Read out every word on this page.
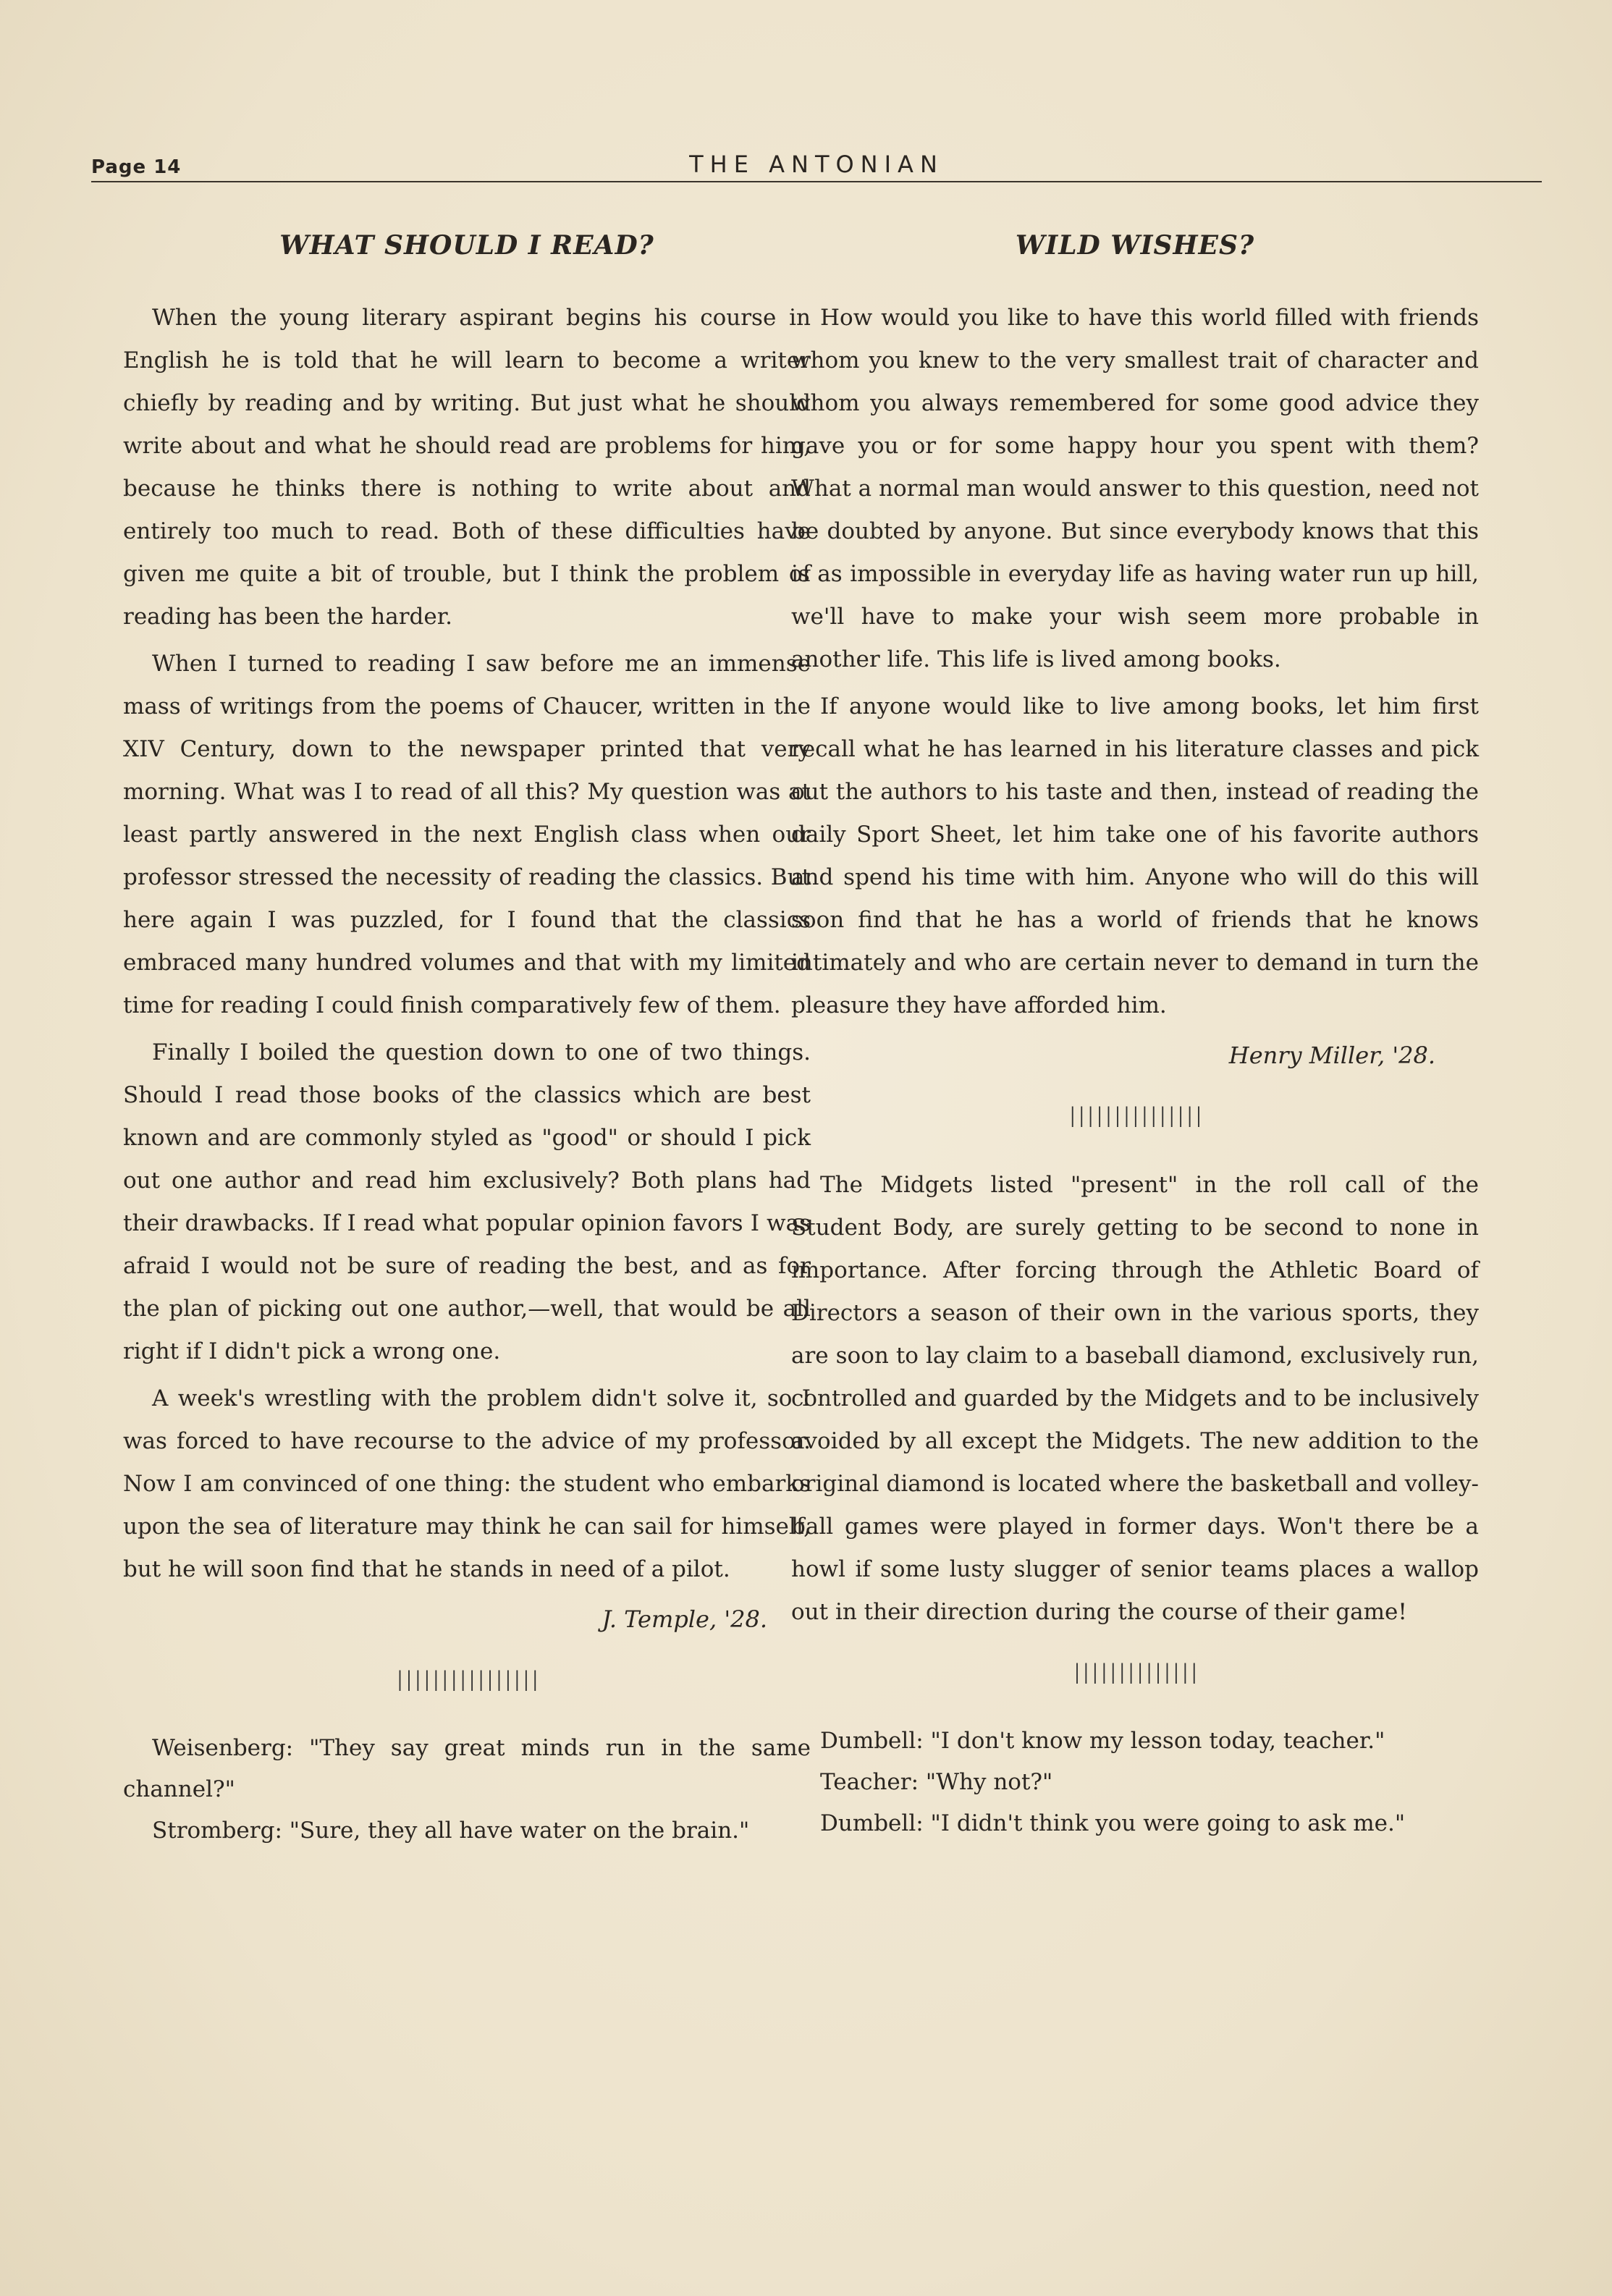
Page 14	THE ANTONIAN
WHAT SHOULD I READ?

When the young literary aspirant begins his course in English he is told that he will learn to become a writer chiefly by reading and by writing. But just what he should write about and what he should read are problems for him, because he thinks there is nothing to write about and entirely too much to read. Both of these difficulties have given me quite a bit of trouble, but I think the problem of reading has been the harder.

When I turned to reading I saw before me an immense mass of writings from the poems of Chaucer, written in the XIV Century, down to the newspaper printed that very morning. What was I to read of all this? My question was at least partly answered in the next English class when our professor stressed the necessity of reading the classics. But here again I was puzzled, for I found that the classics embraced many hundred volumes and that with my limited time for reading I could finish comparatively few of them.

Finally I boiled the question down to one of two things. Should I read those books of the classics which are best known and are commonly styled as "good" or should I pick out one author and read him exclusively? Both plans had their drawbacks. If I read what popular opinion favors I was afraid I would not be sure of reading the best, and as for the plan of picking out one author,—well, that would be all right if I didn't pick a wrong one.

A week's wrestling with the problem didn't solve it, so I was forced to have recourse to the advice of my professor. Now I am convinced of one thing: the student who embarks upon the sea of literature may think he can sail for himself, but he will soon find that he stands in need of a pilot.

J. Temple, '28.
││││││││││││││││

Weisenberg: "They say great minds run in the same channel?"

Stromberg: "Sure, they all have water on the brain."

WILD WISHES?

How would you like to have this world filled with friends whom you knew to the very smallest trait of character and whom you always remembered for some good advice they gave you or for some happy hour you spent with them? What a normal man would answer to this question, need not be doubted by anyone. But since everybody knows that this is as impossible in everyday life as having water run up hill, we'll have to make your wish seem more probable in another life. This life is lived among books.

If anyone would like to live among books, let him first recall what he has learned in his literature classes and pick out the authors to his taste and then, instead of reading the daily Sport Sheet, let him take one of his favorite authors and spend his time with him. Anyone who will do this will soon find that he has a world of friends that he knows intimately and who are certain never to demand in turn the pleasure they have afforded him.

Henry Miller, '28.
│││││││││││││││

The Midgets listed "present" in the roll call of the Student Body, are surely getting to be second to none in importance. After forcing through the Athletic Board of Directors a season of their own in the various sports, they are soon to lay claim to a baseball diamond, exclusively run, controlled and guarded by the Midgets and to be inclusively avoided by all except the Midgets. The new addition to the original diamond is located where the basketball and volley-ball games were played in former days. Won't there be a howl if some lusty slugger of senior teams places a wallop out in their direction during the course of their game!

││││││││││││││

Dumbell: "I don't know my lesson today, teacher."

Teacher: "Why not?"

Dumbell: "I didn't think you were going to ask me."
